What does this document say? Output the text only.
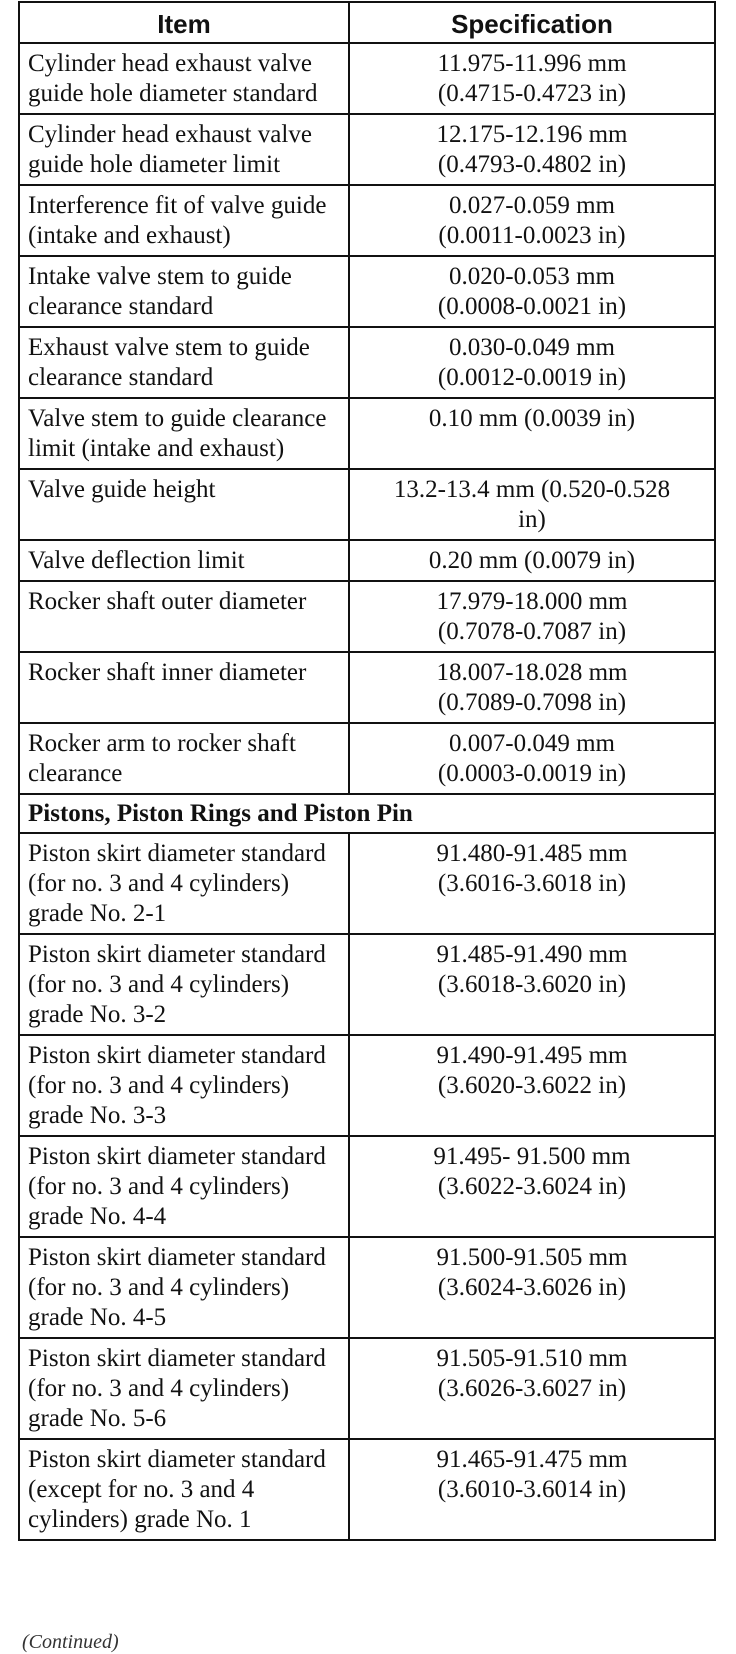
Item	Specification
Cylinder head exhaust valve guide hole diameter standard	11.975-11.996 mm
(0.4715-0.4723 in)

Cylinder head exhaust valve guide hole diameter limit	12.175-12.196 mm
(0.4793-0.4802 in)

Interference fit of valve guide (intake and exhaust)	0.027-0.059 mm
(0.0011-0.0023 in)

Intake valve stem to guide clearance standard	0.020-0.053 mm
(0.0008-0.0021 in)

Exhaust valve stem to guide clearance standard	0.030-0.049 mm
(0.0012-0.0019 in)

Valve stem to guide clearance limit (intake and exhaust)	0.10 mm (0.0039 in)

Valve guide height	13.2-13.4 mm (0.520-0.528
in)

Valve deflection limit	0.20 mm (0.0079 in)

Rocker shaft outer diameter	17.979-18.000 mm
(0.7078-0.7087 in)

Rocker shaft inner diameter	18.007-18.028 mm
(0.7089-0.7098 in)

Rocker arm to rocker shaft clearance	0.007-0.049 mm
(0.0003-0.0019 in)

Pistons, Piston Rings and Piston Pin	
Piston skirt diameter standard (for no. 3 and 4 cylinders) grade No. 2-1	91.480-91.485 mm
(3.6016-3.6018 in)

Piston skirt diameter standard (for no. 3 and 4 cylinders) grade No. 3-2	91.485-91.490 mm
(3.6018-3.6020 in)

Piston skirt diameter standard (for no. 3 and 4 cylinders) grade No. 3-3	91.490-91.495 mm
(3.6020-3.6022 in)

Piston skirt diameter standard (for no. 3 and 4 cylinders) grade No. 4-4	91.495- 91.500 mm
(3.6022-3.6024 in)

Piston skirt diameter standard (for no. 3 and 4 cylinders) grade No. 4-5	91.500-91.505 mm
(3.6024-3.6026 in)

Piston skirt diameter standard (for no. 3 and 4 cylinders) grade No. 5-6	91.505-91.510 mm
(3.6026-3.6027 in)

Piston skirt diameter standard (except for no. 3 and 4 cylinders) grade No. 1	91.465-91.475 mm
(3.6010-3.6014 in)
(Continued)
